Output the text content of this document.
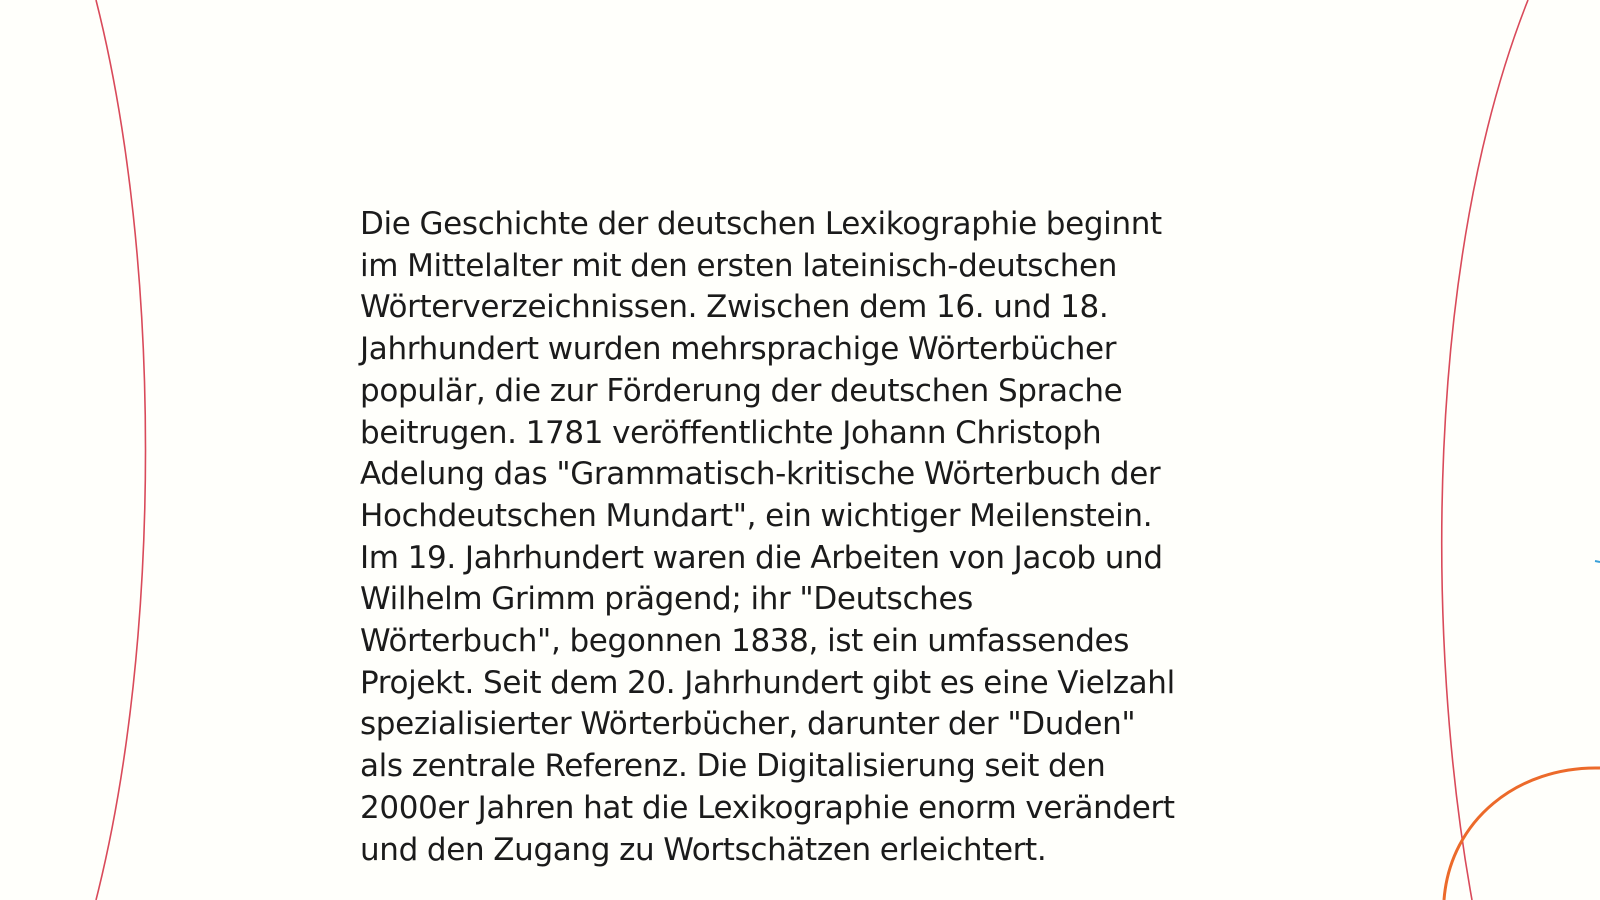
Die Geschichte der deutschen Lexikographie beginnt
im Mittelalter mit den ersten lateinisch-deutschen
Wörterverzeichnissen. Zwischen dem 16. und 18.
Jahrhundert wurden mehrsprachige Wörterbücher
populär, die zur Förderung der deutschen Sprache
beitrugen. 1781 veröffentlichte Johann Christoph
Adelung das "Grammatisch-kritische Wörterbuch der
Hochdeutschen Mundart", ein wichtiger Meilenstein.
Im 19. Jahrhundert waren die Arbeiten von Jacob und
Wilhelm Grimm prägend; ihr "Deutsches
Wörterbuch", begonnen 1838, ist ein umfassendes
Projekt. Seit dem 20. Jahrhundert gibt es eine Vielzahl
spezialisierter Wörterbücher, darunter der "Duden"
als zentrale Referenz. Die Digitalisierung seit den
2000er Jahren hat die Lexikographie enorm verändert
und den Zugang zu Wortschätzen erleichtert.
